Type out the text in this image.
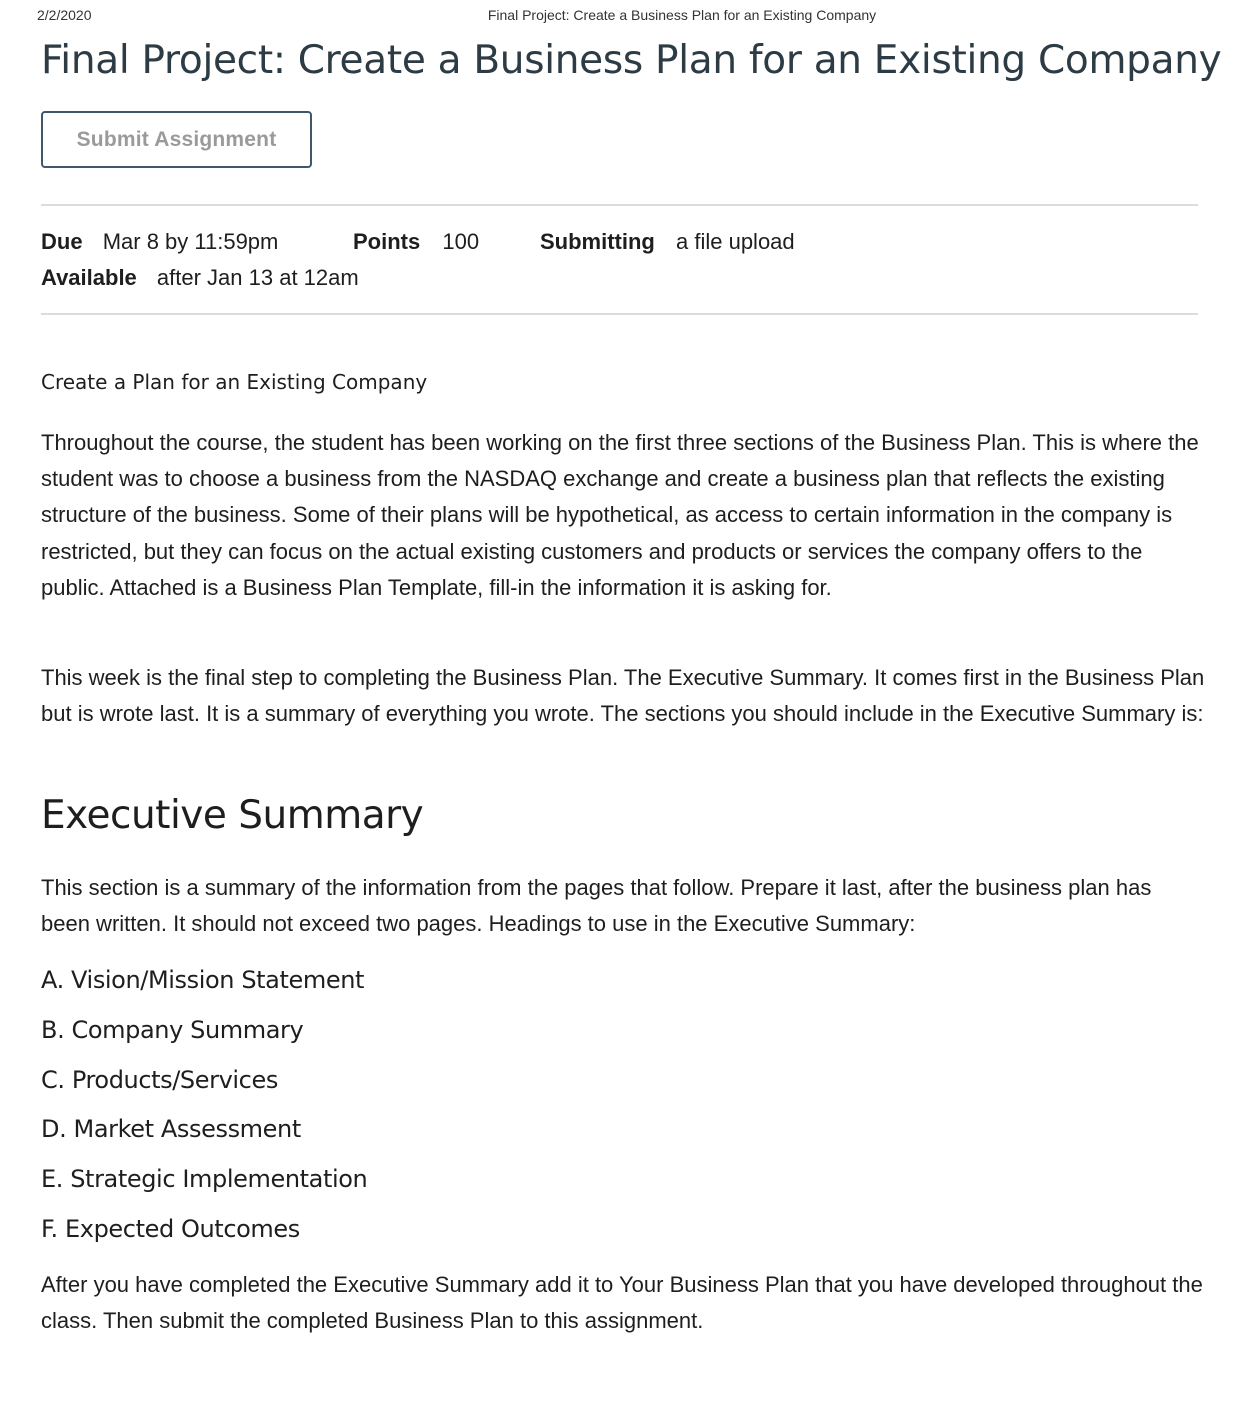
2/2/2020	Final Project: Create a Business Plan for an Existing Company
Final Project: Create a Business Plan for an Existing Company
Submit Assignment
Due Mar 8 by 11:59pm	Points 100	Submitting a file upload
Available after Jan 13 at 12am
Create a Plan for an Existing Company

Throughout the course, the student has been working on the first three sections of the Business Plan. This is where the student was to choose a business from the NASDAQ exchange and create a business plan that reflects the existing structure of the business. Some of their plans will be hypothetical, as access to certain information in the company is restricted, but they can focus on the actual existing customers and products or services the company offers to the public. Attached is a Business Plan Template, fill-in the information it is asking for.

This week is the final step to completing the Business Plan. The Executive Summary. It comes first in the Business Plan but is wrote last. It is a summary of everything you wrote. The sections you should include in the Executive Summary is:

Executive Summary

This section is a summary of the information from the pages that follow. Prepare it last, after the business plan has been written. It should not exceed two pages. Headings to use in the Executive Summary:

A. Vision/Mission Statement
B. Company Summary
C. Products/Services
D. Market Assessment
E. Strategic Implementation
F. Expected Outcomes

After you have completed the Executive Summary add it to Your Business Plan that you have developed throughout the class. Then submit the completed Business Plan to this assignment.
